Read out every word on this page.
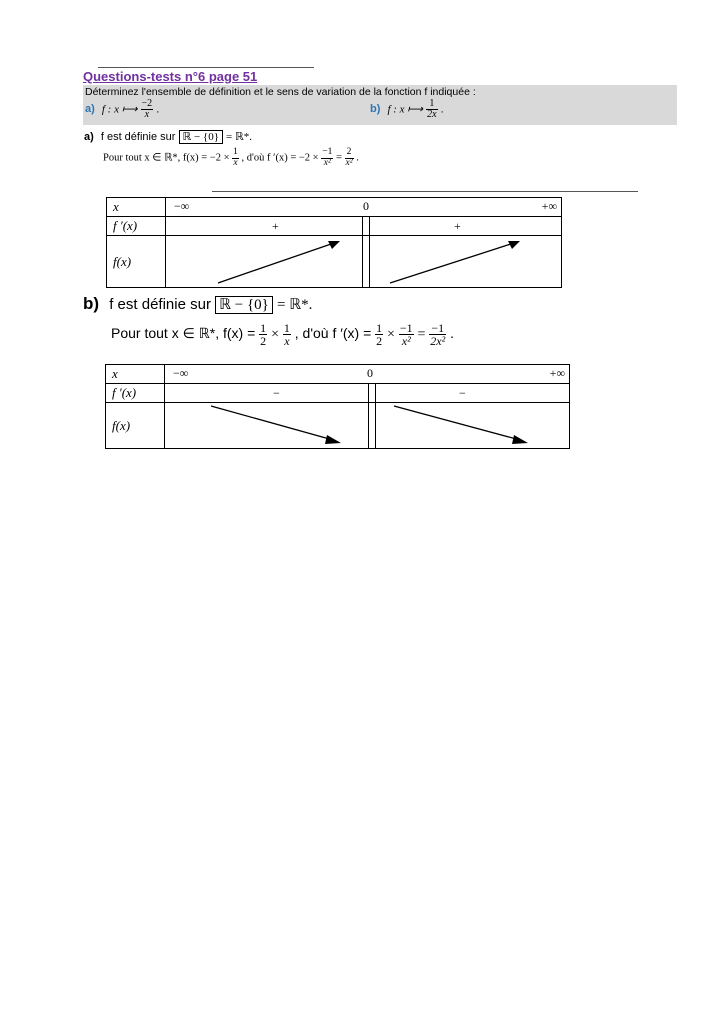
Questions-tests n°6 page 51
Déterminez l'ensemble de définition et le sens de variation de la fonction f indiquée :
a) f : x ⟼ $\frac{-2}{x}$ .	b) f : x ⟼ $\frac{1}{2x}$ .
a) f est définie sur ℝ − {0} = ℝ*.
Pour tout x ∈ ℝ*, $f(x) = -2 \times \frac{1}{x}$ , d'où f $'(x) = -2 \times \frac{-1}{\text{x²}} = \frac{2}{\text{x²}}$ .
x	−∞ 0 +∞

f ′(x)	+ +

f(x)	
b) f est définie sur ℝ − {0} = ℝ*.
Pour tout x ∈ ℝ*, $f(x) = \frac{1}{2} \times \frac{1}{x}$ , d'où f $'(x) = \frac{1}{2} \times \frac{-1}{\text{x²}} = \frac{-1}{\text{2x²}}$ .
x	−∞ 0 +∞

f ′(x)	− −

f(x)	
